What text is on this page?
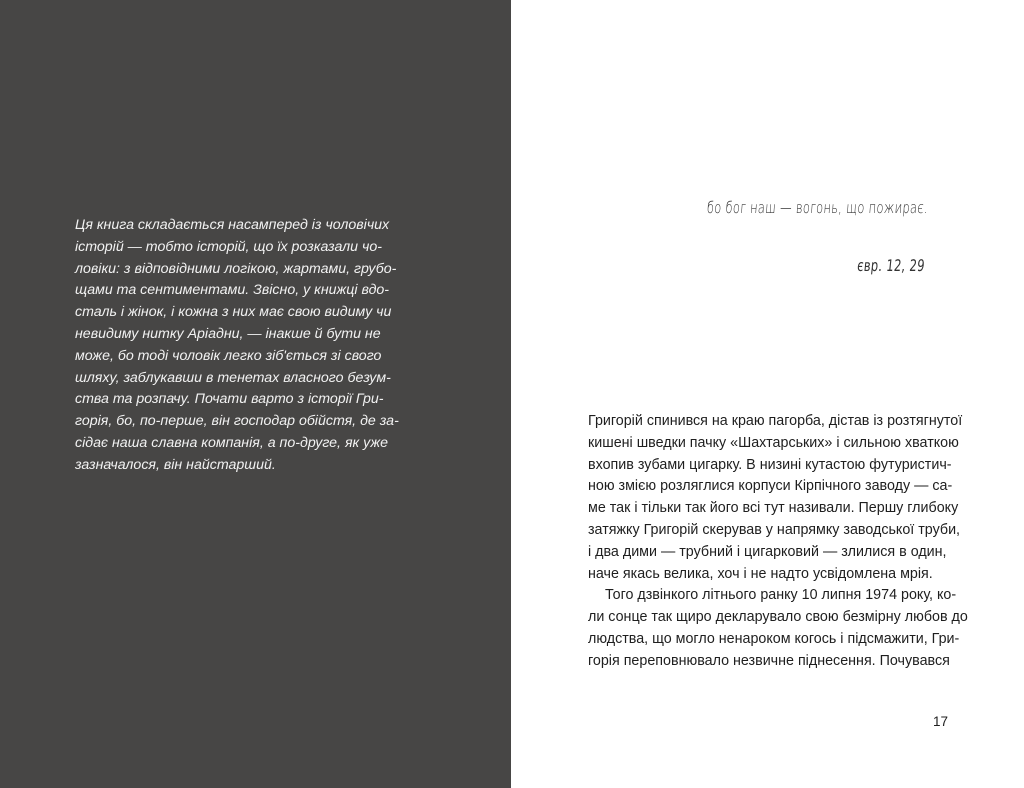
Ця книга складається насамперед із чоловічих
історій — тобто історій, що їх розказали чо-
ловіки: з відповідними логікою, жартами, грубо-
щами та сентиментами. Звісно, у книжці вдо-
сталь і жінок, і кожна з них має свою видиму чи
невидиму нитку Аріадни, — інакше й бути не
може, бо тоді чоловік легко зіб'ється зі свого
шляху, заблукавши в тенетах власного безум-
ства та розпачу. Почати варто з історії Гри-
горія, бо, по-перше, він господар обійстя, де за-
сідає наша славна компанія, а по-друге, як уже
зазначалося, він найстарший.
бо бог наш — вогонь, що пожирає.
євр. 12, 29
Григорій спинився на краю пагорба, дістав із розтягнутої
кишені шведки пачку «Шахтарських» і сильною хваткою
вхопив зубами цигарку. В низині кутастою футуристич-
ною змією розляглися корпуси Кірпічного заводу — са-
ме так і тільки так його всі тут називали. Першу глибоку
затяжку Григорій скерував у напрямку заводської труби,
і два дими — трубний і цигарковий — злилися в один,
наче якась велика, хоч і не надто усвідомлена мрія.
Того дзвінкого літнього ранку 10 липня 1974 року, ко-
ли сонце так щиро декларувало свою безмірну любов до
людства, що могло ненароком когось і підсмажити, Гри-
горія переповнювало незвичне піднесення. Почувався
17
